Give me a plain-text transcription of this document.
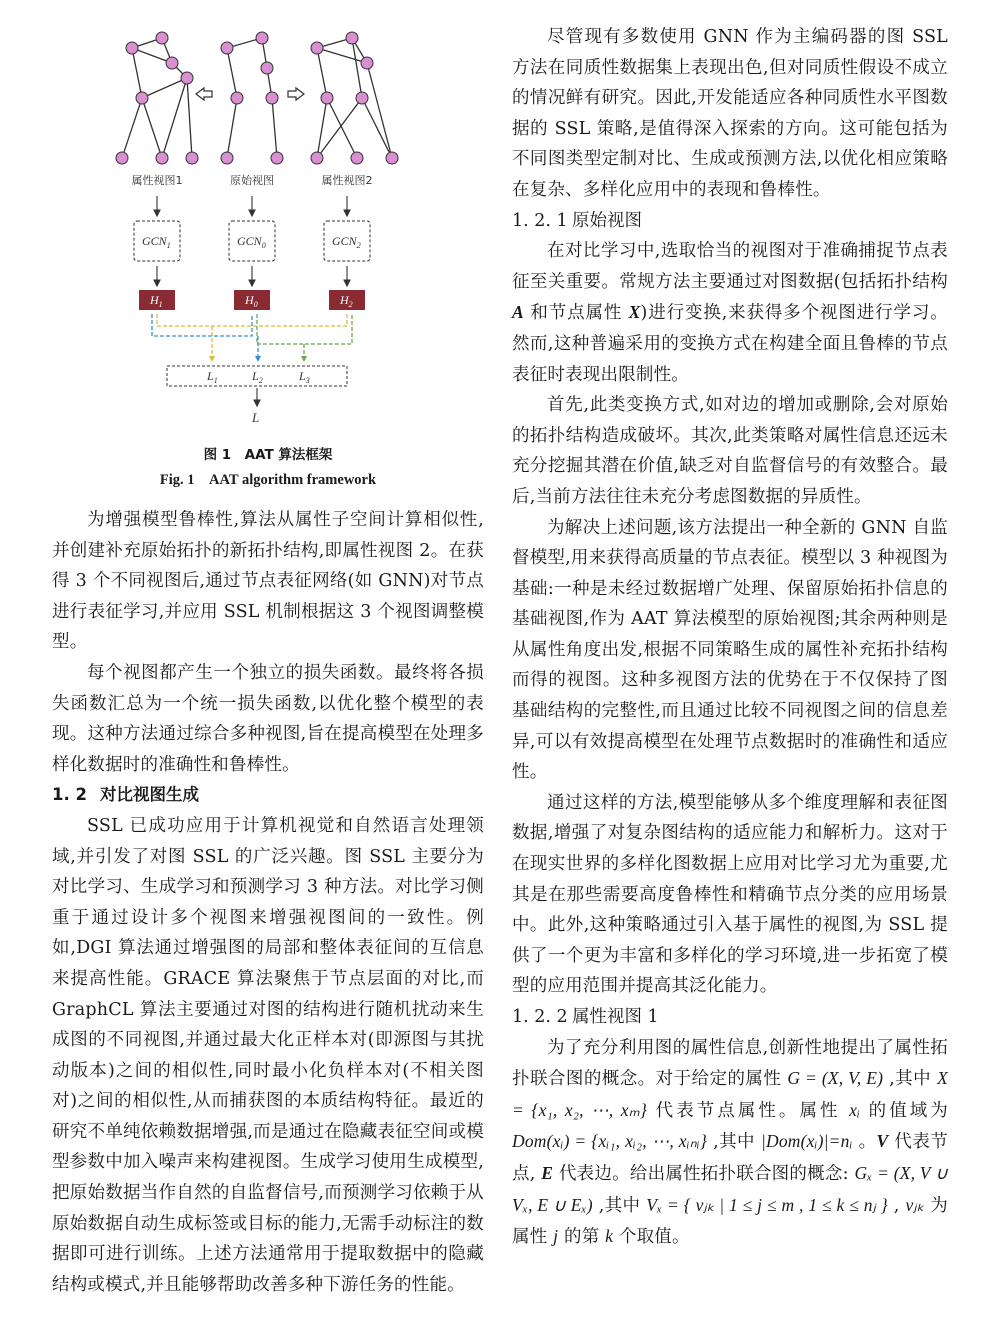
属性视图1	原始视图	属性视图2
$GCN_1$	$GCN_0$	$GCN_2$
$H_1$	$H_0$	$H_2$
$L_1$	$L_2$	$L_3$
L
图 1　AAT 算法框架
Fig. 1　AAT algorithm framework

为增强模型鲁棒性,算法从属性子空间计算相似性,并创建补充原始拓扑的新拓扑结构,即属性视图 2。在获得 3 个不同视图后,通过节点表征网络(如 GNN)对节点进行表征学习,并应用 SSL 机制根据这 3 个视图调整模型。

每个视图都产生一个独立的损失函数。最终将各损失函数汇总为一个统一损失函数,以优化整个模型的表现。这种方法通过综合多种视图,旨在提高模型在处理多样化数据时的准确性和鲁棒性。

1. 2 对比视图生成

SSL 已成功应用于计算机视觉和自然语言处理领域,并引发了对图 SSL 的广泛兴趣。图 SSL 主要分为对比学习、生成学习和预测学习 3 种方法。对比学习侧重于通过设计多个视图来增强视图间的一致性。例如,DGI 算法通过增强图的局部和整体表征间的互信息来提高性能。GRACE 算法聚焦于节点层面的对比,而 GraphCL 算法主要通过对图的结构进行随机扰动来生成图的不同视图,并通过最大化正样本对(即源图与其扰动版本)之间的相似性,同时最小化负样本对(不相关图对)之间的相似性,从而捕获图的本质结构特征。最近的研究不单纯依赖数据增强,而是通过在隐藏表征空间或模型参数中加入噪声来构建视图。生成学习使用生成模型,把原始数据当作自然的自监督信号,而预测学习依赖于从原始数据自动生成标签或目标的能力,无需手动标注的数据即可进行训练。上述方法通常用于提取数据中的隐藏结构或模式,并且能够帮助改善多种下游任务的性能。

尽管现有多数使用 GNN 作为主编码器的图 SSL 方法在同质性数据集上表现出色,但对同质性假设不成立的情况鲜有研究。因此,开发能适应各种同质性水平图数据的 SSL 策略,是值得深入探索的方向。这可能包括为不同图类型定制对比、生成或预测方法,以优化相应策略在复杂、多样化应用中的表现和鲁棒性。

1. 2. 1 原始视图

在对比学习中,选取恰当的视图对于准确捕捉节点表征至关重要。常规方法主要通过对图数据(包括拓扑结构 A 和节点属性 X)进行变换,来获得多个视图进行学习。然而,这种普遍采用的变换方式在构建全面且鲁棒的节点表征时表现出限制性。

首先,此类变换方式,如对边的增加或删除,会对原始的拓扑结构造成破坏。其次,此类策略对属性信息还远未充分挖掘其潜在价值,缺乏对自监督信号的有效整合。最后,当前方法往往未充分考虑图数据的异质性。

为解决上述问题,该方法提出一种全新的 GNN 自监督模型,用来获得高质量的节点表征。模型以 3 种视图为基础:一种是未经过数据增广处理、保留原始拓扑信息的基础视图,作为 AAT 算法模型的原始视图;其余两种则是从属性角度出发,根据不同策略生成的属性补充拓扑结构而得的视图。这种多视图方法的优势在于不仅保持了图基础结构的完整性,而且通过比较不同视图之间的信息差异,可以有效提高模型在处理节点数据时的准确性和适应性。

通过这样的方法,模型能够从多个维度理解和表征图数据,增强了对复杂图结构的适应能力和解析力。这对于在现实世界的多样化图数据上应用对比学习尤为重要,尤其是在那些需要高度鲁棒性和精确节点分类的应用场景中。此外,这种策略通过引入基于属性的视图,为 SSL 提供了一个更为丰富和多样化的学习环境,进一步拓宽了模型的应用范围并提高其泛化能力。

1. 2. 2 属性视图 1

为了充分利用图的属性信息,创新性地提出了属性拓扑联合图的概念。对于给定的属性 G = (X, V, E) ,其中 X = {x₁, x₂, ⋯, xₘ} 代表节点属性。属性 xᵢ 的值域为 Dom(xᵢ) = {xᵢ₁, xᵢ₂, ⋯, xᵢₙᵢ} ,其中 |Dom(xᵢ)|=nᵢ 。V 代表节点, E 代表边。给出属性拓扑联合图的概念: Gₓ = (X, V ∪ Vₓ, E ∪ Eₓ) ,其中 Vₓ = { vⱼₖ | 1 ≤ j ≤ m , 1 ≤ k ≤ nⱼ } , vⱼₖ 为属性 j 的第 k 个取值。
